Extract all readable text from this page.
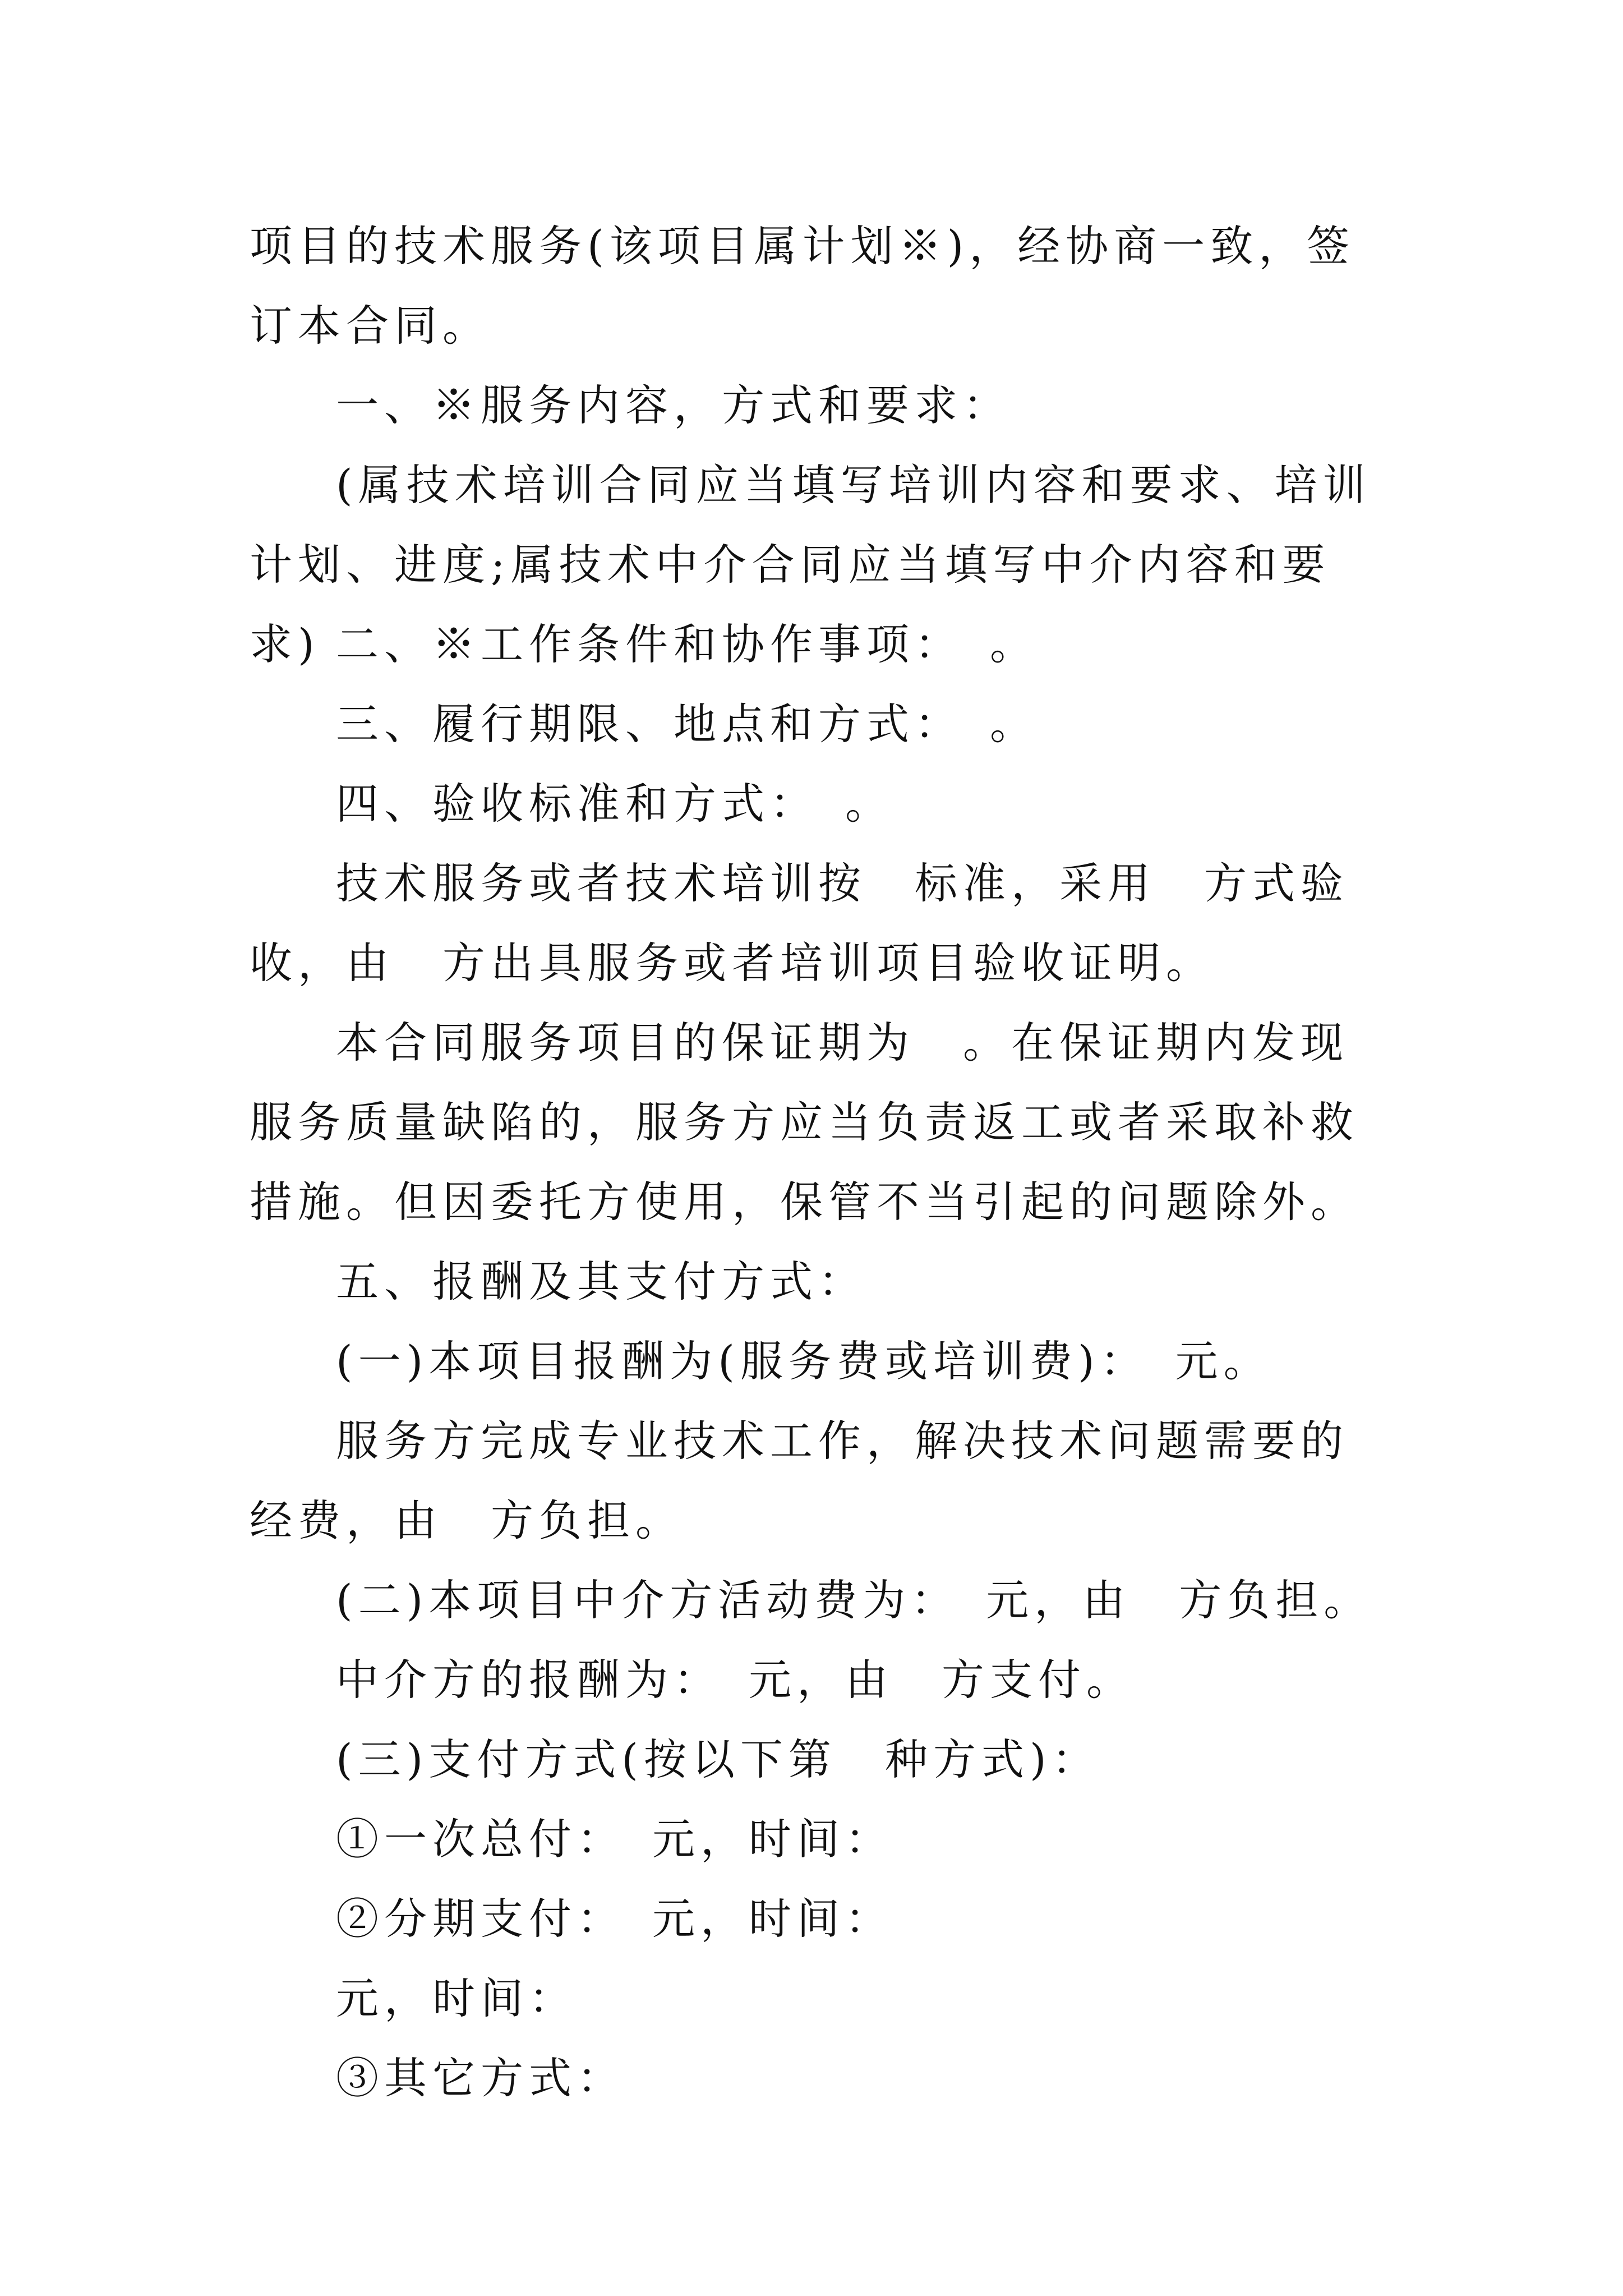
项目的技术服务(该项目属计划※)，经协商一致，签订本合同。
一、※服务内容，方式和要求：
(属技术培训合同应当填写培训内容和要求、培训计划、进度;属技术中介合同应当填写中介内容和要求) 二、※工作条件和协作事项：　。
三、履行期限、地点和方式：　。
四、验收标准和方式：　。
技术服务或者技术培训按　标准，采用　方式验收，由　方出具服务或者培训项目验收证明。
本合同服务项目的保证期为　。在保证期内发现服务质量缺陷的，服务方应当负责返工或者采取补救措施。但因委托方使用，保管不当引起的问题除外。
五、报酬及其支付方式：
(一)本项目报酬为(服务费或培训费)：　元。
服务方完成专业技术工作，解决技术问题需要的经费，由　方负担。
(二)本项目中介方活动费为：　元，由　方负担。
中介方的报酬为：　元，由　方支付。
(三)支付方式(按以下第　种方式)：
①一次总付：　元，时间：
②分期支付：　元，时间：
元，时间：
③其它方式：
